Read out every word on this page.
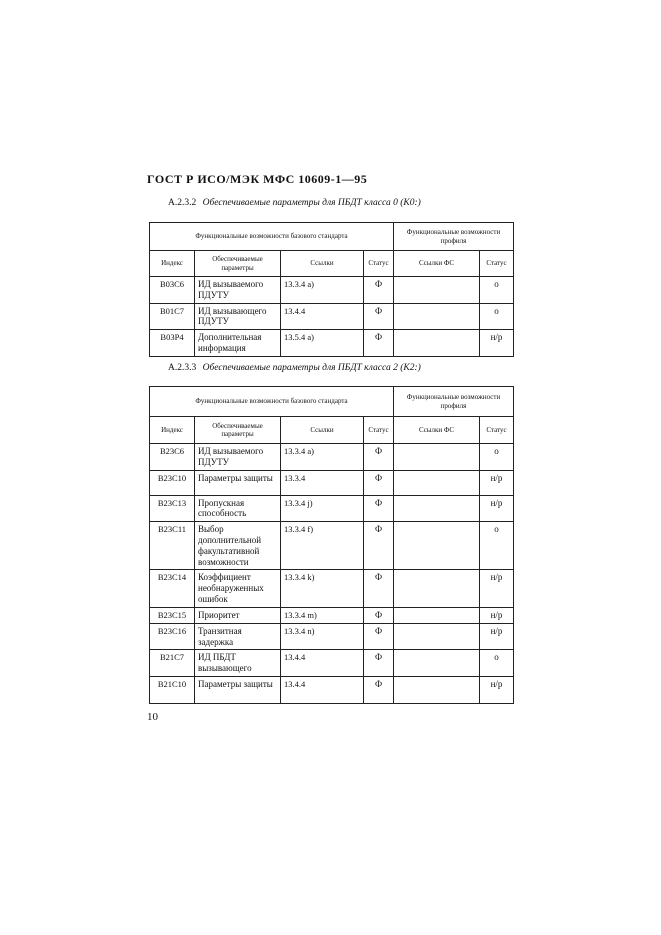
ГОСТ Р ИСО/МЭК МФС 10609-1—95
А.2.3.2 Обеспечиваемые параметры для ПБДТ класса 0 (К0:)
Функциональные возможности базового стандарта				Функциональные возможности профиля	
Индекс	Обеспечиваемые параметры	Ссылки	Статус	Ссылки ФС	Статус
В03С6	ИД вызываемого ПДУТУ	13.3.4 а)	Ф		о
В01С7	ИД вызывающего ПДУТУ	13.4.4	Ф		о
В03Р4	Дополнительная информация	13.5.4 а)	Ф		н/р
А.2.3.3 Обеспечиваемые параметры для ПБДТ класса 2 (К2:)
Функциональные возможности базового стандарта				Функциональные возможности профиля	
Индекс	Обеспечиваемые параметры	Ссылки	Статус	Ссылки ФС	Статус
В23С6	ИД вызываемого ПДУТУ	13.3.4 а)	Ф		о
В23С10	Параметры защиты	13.3.4	Ф		н/р
В23С13	Пропускная способность	13.3.4 j)	Ф		н/р
В23С11	Выбор дополнительной факультативной возможности	13.3.4 f)	Ф		о
В23С14	Коэффициент необнаруженных ошибок	13.3.4 k)	Ф		н/р
В23С15	Приоритет	13.3.4 m)	Ф		н/р
В23С16	Транзитная задержка	13.3.4 n)	Ф		н/р
В21С7	ИД ПБДТ вызывающего	13.4.4	Ф		о
В21С10	Параметры защиты	13.4.4	Ф		н/р
10
